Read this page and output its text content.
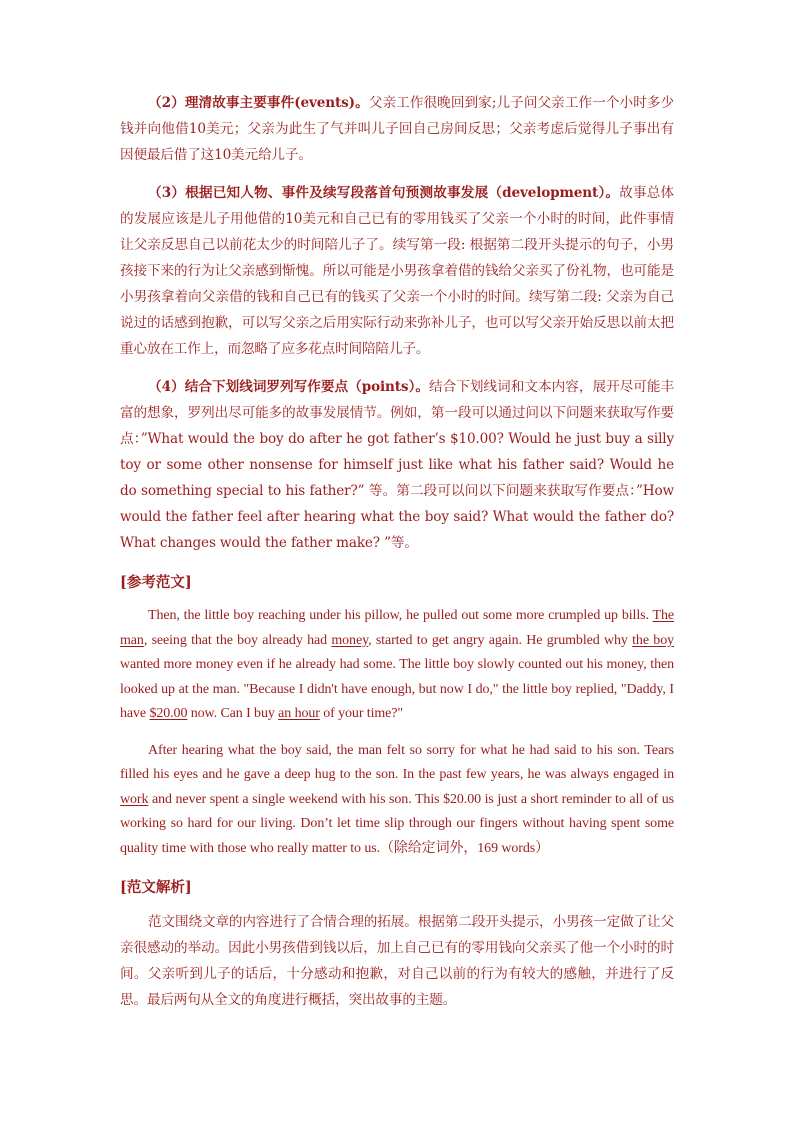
（2）理清故事主要事件(events)。父亲工作很晚回到家;儿子问父亲工作一个小时多少钱并向他借10美元；父亲为此生了气并叫儿子回自己房间反思；父亲考虑后觉得儿子事出有因便最后借了这10美元给儿子。

（3）根据已知人物、事件及续写段落首句预测故事发展（development）。故事总体的发展应该是儿子用他借的10美元和自己已有的零用钱买了父亲一个小时的时间，此件事情让父亲反思自己以前花太少的时间陪儿子了。续写第一段: 根据第二段开头提示的句子，小男孩接下来的行为让父亲感到惭愧。所以可能是小男孩拿着借的钱给父亲买了份礼物，也可能是小男孩拿着向父亲借的钱和自己已有的钱买了父亲一个小时的时间。续写第二段: 父亲为自己说过的话感到抱歉，可以写父亲之后用实际行动来弥补儿子，也可以写父亲开始反思以前太把重心放在工作上，而忽略了应多花点时间陪陪儿子。

（4）结合下划线词罗列写作要点（points）。结合下划线词和文本内容，展开尽可能丰富的想象，罗列出尽可能多的故事发展情节。例如，第一段可以通过问以下问题来获取写作要点：”What would the boy do after he got father’s $10.00? Would he just buy a silly toy or some other nonsense for himself just like what his father said? Would he do something special to his father?” 等。第二段可以问以下问题来获取写作要点：”How would the father feel after hearing what the boy said? What would the father do? What changes would the father make? ”等。

[参考范文]

Then, the little boy reaching under his pillow, he pulled out some more crumpled up bills. The man, seeing that the boy already had money, started to get angry again. He grumbled why the boy wanted more money even if he already had some. The little boy slowly counted out his money, then looked up at the man. "Because I didn't have enough, but now I do," the little boy replied, "Daddy, I have $20.00 now. Can I buy an hour of your time?"

After hearing what the boy said, the man felt so sorry for what he had said to his son. Tears filled his eyes and he gave a deep hug to the son. In the past few years, he was always engaged in work and never spent a single weekend with his son. This $20.00 is just a short reminder to all of us working so hard for our living. Don’t let time slip through our fingers without having spent some quality time with those who really matter to us.（除给定词外，169 words）

[范文解析]

范文围绕文章的内容进行了合情合理的拓展。根据第二段开头提示，小男孩一定做了让父亲很感动的举动。因此小男孩借到钱以后，加上自己已有的零用钱向父亲买了他一个小时的时间。父亲听到儿子的话后，十分感动和抱歉，对自己以前的行为有较大的感触，并进行了反思。最后两句从全文的角度进行概括，突出故事的主题。
